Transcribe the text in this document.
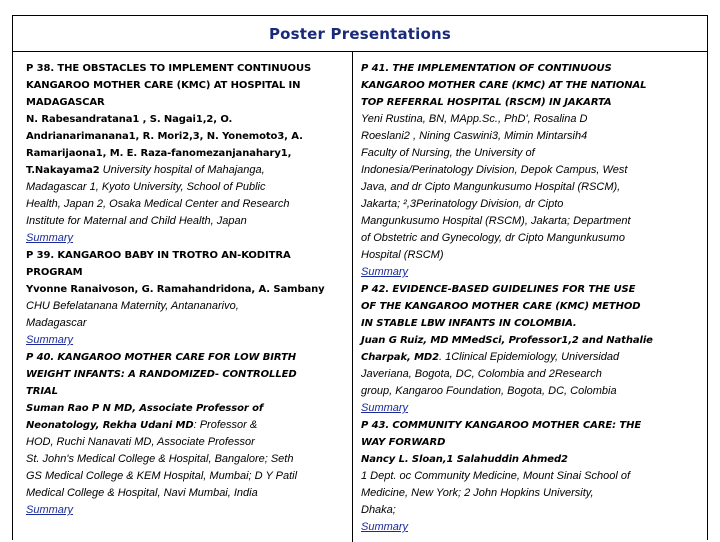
Poster Presentations
P 38. THE OBSTACLES TO IMPLEMENT CONTINUOUS
KANGAROO MOTHER CARE (KMC) AT HOSPITAL IN
MADAGASCAR
N. Rabesandratana1 , S. Nagai1,2, O.
Andrianarimanana1, R. Mori2,3, N. Yonemoto3, A.
Ramarijaona1, M. E. Raza-fanomezanjanahary1,
T.Nakayama2 University hospital of Mahajanga,
Madagascar 1, Kyoto University, School of Public
Health, Japan 2, Osaka Medical Center and Research
Institute for Maternal and Child Health, Japan
Summary
P 39. KANGAROO BABY IN TROTRO AN-KODITRA
PROGRAM
Yvonne Ranaivoson, G. Ramahandridona, A. Sambany
CHU Befelatanana Maternity, Antananarivo,
Madagascar
Summary
P 40. KANGAROO MOTHER CARE FOR LOW BIRTH
WEIGHT INFANTS: A RANDOMIZED- CONTROLLED
TRIAL
Suman Rao P N MD, Associate Professor of
Neonatology, Rekha Udani MD: Professor &
HOD, Ruchi Nanavati MD, Associate Professor
St. John's Medical College & Hospital, Bangalore; Seth
GS Medical College & KEM Hospital, Mumbai; D Y Patil
Medical College & Hospital, Navi Mumbai, India
Summary
P 41. THE IMPLEMENTATION OF CONTINUOUS
KANGAROO MOTHER CARE (KMC) AT THE NATIONAL
TOP REFERRAL HOSPITAL (RSCM) IN JAKARTA
Yeni Rustina, BN, MApp.Sc., PhD', Rosalina D
Roeslani2 , Nining Caswini3, Mimin Mintarsih4
Faculty of Nursing, the University of
Indonesia/Perinatology Division, Depok Campus, West
Java, and dr Cipto Mangunkusumo Hospital (RSCM),
Jakarta; ²,3Perinatology Division, dr Cipto
Mangunkusumo Hospital (RSCM), Jakarta; Department
of Obstetric and Gynecology, dr Cipto Mangunkusumo
Hospital (RSCM)
Summary
P 42. EVIDENCE-BASED GUIDELINES FOR THE USE
OF THE KANGAROO MOTHER CARE (KMC) METHOD
IN STABLE LBW INFANTS IN COLOMBIA.
Juan G Ruiz, MD MMedSci, Professor1,2 and Nathalie
Charpak, MD2. 1Clinical Epidemiology, Universidad
Javeriana, Bogota, DC, Colombia and 2Research
group, Kangaroo Foundation, Bogota, DC, Colombia
Summary
P 43. COMMUNITY KANGAROO MOTHER CARE: THE
WAY FORWARD
Nancy L. Sloan,1 Salahuddin Ahmed2
1 Dept. oc Community Medicine, Mount Sinai School of
Medicine, New York; 2 John Hopkins University,
Dhaka;
Summary
